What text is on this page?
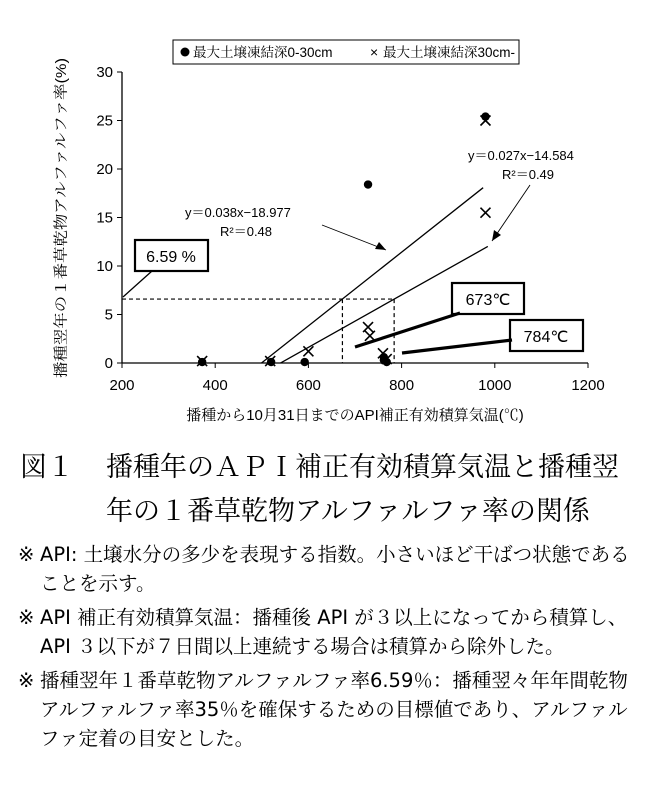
200	400	600	800	1000	1200
0
5
10
15
20
25
30
播種から10月31日までのAPI補正有効積算気温(℃)
播種翌年の１番草乾物アルファルファ率(%)
最大土壌凍結深0-30cm	× 最大土壌凍結深30cm-
y＝0.038x−18.977
R²＝0.48
y＝0.027x−14.584
R²＝0.49
6.59 %
673℃
784℃
図１ 播種年のＡＰＩ補正有効積算気温と播種翌
年の１番草乾物アルファルファ率の関係
※ API: 土壌水分の多少を表現する指数。小さいほど干ばつ状態であることを示す。
※ API 補正有効積算気温：播種後 API が３以上になってから積算し、API ３以下が７日間以上連続する場合は積算から除外した。
※ 播種翌年１番草乾物アルファルファ率6.59％：播種翌々年年間乾物アルファルファ率35％を確保するための目標値であり、アルファルファ定着の目安とした。
